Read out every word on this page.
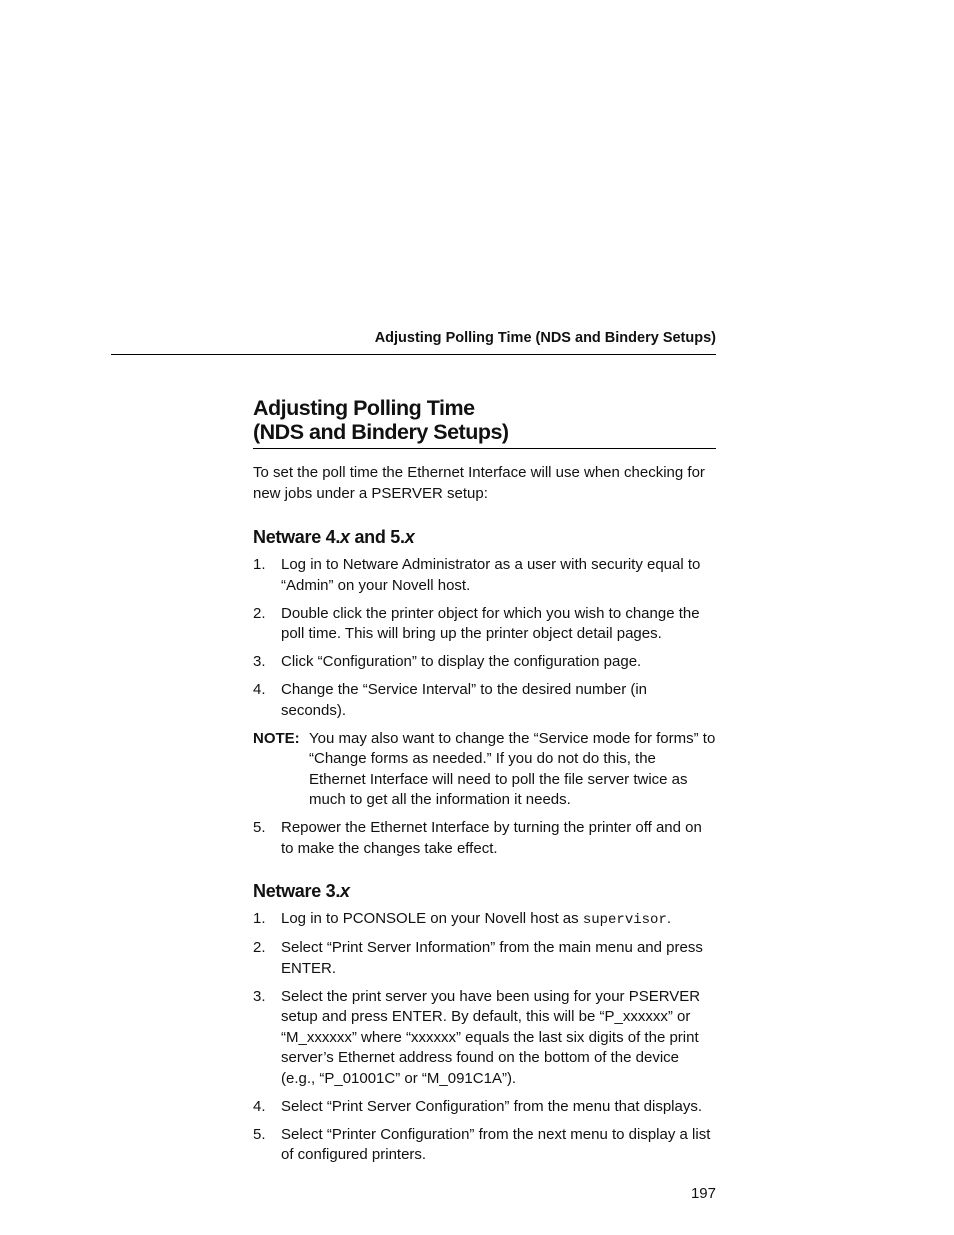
Adjusting Polling Time (NDS and Bindery Setups)
Adjusting Polling Time
(NDS and Bindery Setups)

To set the poll time the Ethernet Interface will use when checking for new jobs under a PSERVER setup:

Netware 4.x and 5.x
1.	Log in to Netware Administrator as a user with security equal to “Admin” on your Novell host.
2.	Double click the printer object for which you wish to change the poll time. This will bring up the printer object detail pages.
3.	Click “Configuration” to display the configuration page.
4.	Change the “Service Interval” to the desired number (in seconds).
NOTE: You may also want to change the “Service mode for forms” to “Change forms as needed.” If you do not do this, the Ethernet Interface will need to poll the file server twice as much to get all the information it needs.
5.	Repower the Ethernet Interface by turning the printer off and on to make the changes take effect.
Netware 3.x
1.	Log in to PCONSOLE on your Novell host as supervisor.
2.	Select “Print Server Information” from the main menu and press ENTER.
3.	Select the print server you have been using for your PSERVER setup and press ENTER. By default, this will be “P_xxxxxx” or “M_xxxxxx” where “xxxxxx” equals the last six digits of the print server’s Ethernet address found on the bottom of the device (e.g., “P_01001C” or “M_091C1A”).
4.	Select “Print Server Configuration” from the menu that displays.
5.	Select “Printer Configuration” from the next menu to display a list of configured printers.
197
